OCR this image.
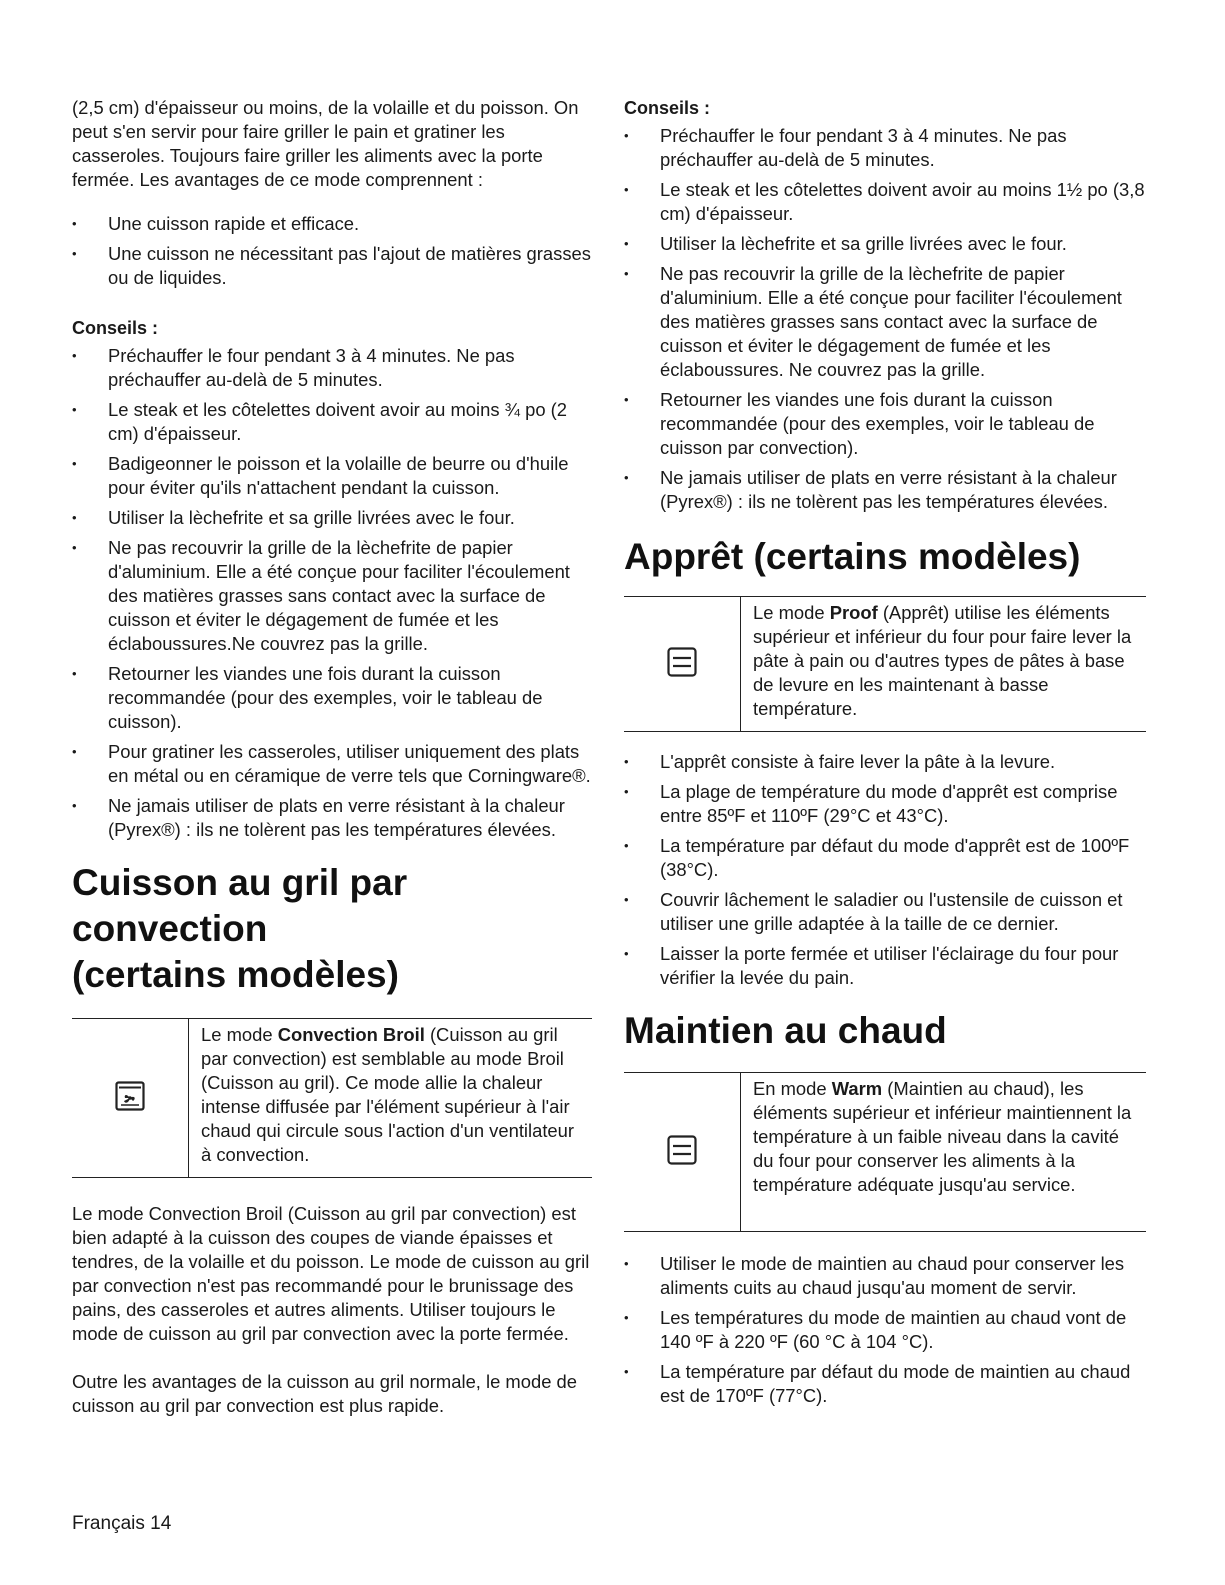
(2,5 cm) d'épaisseur ou moins, de la volaille et du poisson. On peut s'en servir pour faire griller le pain et gratiner les casseroles. Toujours faire griller les aliments avec la porte fermée. Les avantages de ce mode comprennent :

• Une cuisson rapide et efficace.
• Une cuisson ne nécessitant pas l'ajout de matières grasses ou de liquides.
Conseils :
• Préchauffer le four pendant 3 à 4 minutes. Ne pas préchauffer au-delà de 5 minutes.
• Le steak et les côtelettes doivent avoir au moins ¾ po (2 cm) d'épaisseur.
• Badigeonner le poisson et la volaille de beurre ou d'huile pour éviter qu'ils n'attachent pendant la cuisson.
• Utiliser la lèchefrite et sa grille livrées avec le four.
• Ne pas recouvrir la grille de la lèchefrite de papier d'aluminium. Elle a été conçue pour faciliter l'écoulement des matières grasses sans contact avec la surface de cuisson et éviter le dégagement de fumée et les éclaboussures.Ne couvrez pas la grille.
• Retourner les viandes une fois durant la cuisson recommandée (pour des exemples, voir le tableau de cuisson).
• Pour gratiner les casseroles, utiliser uniquement des plats en métal ou en céramique de verre tels que Corningware®.
• Ne jamais utiliser de plats en verre résistant à la chaleur (Pyrex®) : ils ne tolèrent pas les températures élevées.
Cuisson au gril par convection
(certains modèles)
Le mode Convection Broil (Cuisson au gril par convection) est semblable au mode Broil (Cuisson au gril). Ce mode allie la chaleur intense diffusée par l'élément supérieur à l'air chaud qui circule sous l'action d'un ventilateur à convection.

Le mode Convection Broil (Cuisson au gril par convection) est bien adapté à la cuisson des coupes de viande épaisses et tendres, de la volaille et du poisson. Le mode de cuisson au gril par convection n'est pas recommandé pour le brunissage des pains, des casseroles et autres aliments. Utiliser toujours le mode de cuisson au gril par convection avec la porte fermée.

Outre les avantages de la cuisson au gril normale, le mode de cuisson au gril par convection est plus rapide.

Conseils :
• Préchauffer le four pendant 3 à 4 minutes. Ne pas préchauffer au-delà de 5 minutes.
• Le steak et les côtelettes doivent avoir au moins 1½ po (3,8 cm) d'épaisseur.
• Utiliser la lèchefrite et sa grille livrées avec le four.
• Ne pas recouvrir la grille de la lèchefrite de papier d'aluminium. Elle a été conçue pour faciliter l'écoulement des matières grasses sans contact avec la surface de cuisson et éviter le dégagement de fumée et les éclaboussures. Ne couvrez pas la grille.
• Retourner les viandes une fois durant la cuisson recommandée (pour des exemples, voir le tableau de cuisson par convection).
• Ne jamais utiliser de plats en verre résistant à la chaleur (Pyrex®) : ils ne tolèrent pas les températures élevées.
Apprêt (certains modèles)
Le mode Proof (Apprêt) utilise les éléments supérieur et inférieur du four pour faire lever la pâte à pain ou d'autres types de pâtes à base de levure en les maintenant à basse température.
• L'apprêt consiste à faire lever la pâte à la levure.
• La plage de température du mode d'apprêt est comprise entre 85ºF et 110ºF (29°C et 43°C).
• La température par défaut du mode d'apprêt est de 100ºF (38°C).
• Couvrir lâchement le saladier ou l'ustensile de cuisson et utiliser une grille adaptée à la taille de ce dernier.
• Laisser la porte fermée et utiliser l'éclairage du four pour vérifier la levée du pain.
Maintien au chaud
En mode Warm (Maintien au chaud), les éléments supérieur et inférieur maintiennent la température à un faible niveau dans la cavité du four pour conserver les aliments à la température adéquate jusqu'au service.
• Utiliser le mode de maintien au chaud pour conserver les aliments cuits au chaud jusqu'au moment de servir.
• Les températures du mode de maintien au chaud vont de 140 ºF à 220 ºF (60 °C à 104 °C).
• La température par défaut du mode de maintien au chaud est de 170ºF (77°C).
Français 14
